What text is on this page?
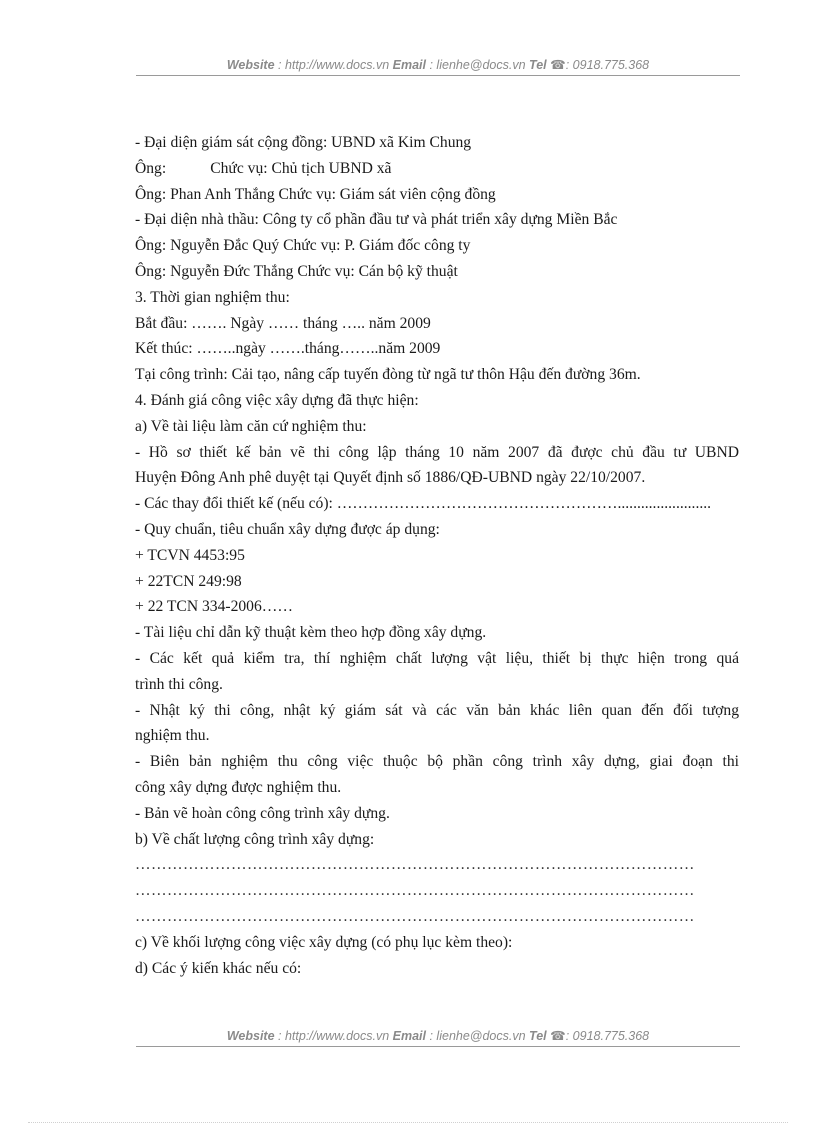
Website : http://www.docs.vn Email : lienhe@docs.vn Tel ☎: 0918.775.368
- Đại diện giám sát cộng đồng: UBND xã Kim Chung
Ông:	Chức vụ: Chủ tịch UBND xã
Ông: Phan Anh Thắng Chức vụ: Giám sát viên cộng đồng
- Đại diện nhà thầu: Công ty cổ phần đầu tư và phát triển xây dựng Miền Bắc
Ông: Nguyễn Đắc Quý Chức vụ: P. Giám đốc công ty
Ông: Nguyễn Đức Thắng Chức vụ: Cán bộ kỹ thuật
3. Thời gian nghiệm thu:
Bắt đầu: ……. Ngày …… tháng ….. năm 2009
Kết thúc: ……..ngày …….tháng……..năm 2009
Tại công trình: Cải tạo, nâng cấp tuyến đòng từ ngã tư thôn Hậu đến đường 36m.
4. Đánh giá công việc xây dựng đã thực hiện:
a) Về tài liệu làm căn cứ nghiệm thu:
- Hồ sơ thiết kế bản vẽ thi công lập tháng 10 năm 2007 đã được chủ đầu tư UBND
Huyện Đông Anh phê duyệt tại Quyết định số 1886/QĐ-UBND ngày 22/10/2007.
- Các thay đổi thiết kế (nếu có): ………………………………………………........................
- Quy chuẩn, tiêu chuẩn xây dựng được áp dụng:
+ TCVN 4453:95
+ 22TCN 249:98
+ 22 TCN 334-2006……
- Tài liệu chỉ dẫn kỹ thuật kèm theo hợp đồng xây dựng.
- Các kết quả kiểm tra, thí nghiệm chất lượng vật liệu, thiết bị thực hiện trong quá
trình thi công.
- Nhật ký thi công, nhật ký giám sát và các văn bản khác liên quan đến đối tượng
nghiệm thu.
- Biên bản nghiệm thu công việc thuộc bộ phần công trình xây dựng, giai đoạn thi
công xây dựng được nghiệm thu.
- Bản vẽ hoàn công công trình xây dựng.
b) Về chất lượng công trình xây dựng:
……………………………………………………………………………………………
……………………………………………………………………………………………
……………………………………………………………………………………………
c) Về khối lượng công việc xây dựng (có phụ lục kèm theo):
d) Các ý kiến khác nếu có:
Website : http://www.docs.vn Email : lienhe@docs.vn Tel ☎: 0918.775.368
